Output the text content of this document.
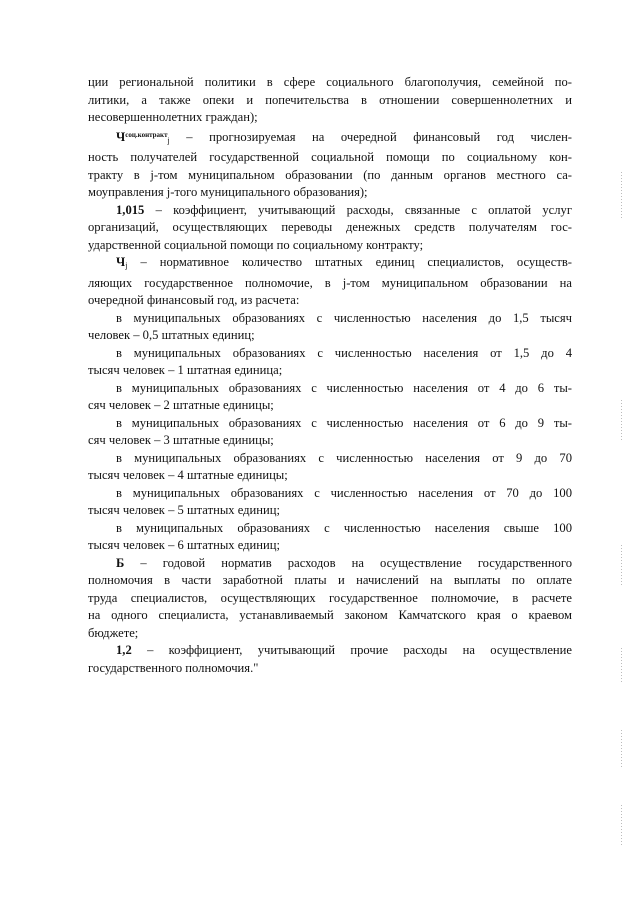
ции региональной политики в сфере социального благополучия, семейной по-
литики, а также опеки и попечительства в отношении совершеннолетних и
несовершеннолетних граждан);

$Ч^{соц.контракт}_j$ – прогнозируемая на очередной финансовый год числен-
ность получателей государственной социальной помощи по социальному кон-
тракту в j-том муниципальном образовании (по данным органов местного са-
моуправления j-того муниципального образования);

1,015 – коэффициент, учитывающий расходы, связанные с оплатой услуг
организаций, осуществляющих переводы денежных средств получателям гос-
ударственной социальной помощи по социальному контракту;

$Ч_j$ – нормативное количество штатных единиц специалистов, осуществ-
ляющих государственное полномочие, в j-том муниципальном образовании на
очередной финансовый год, из расчета:

в муниципальных образованиях с численностью населения до 1,5 тысяч
человек – 0,5 штатных единиц;

в муниципальных образованиях с численностью населения от 1,5 до 4
тысяч человек – 1 штатная единица;

в муниципальных образованиях с численностью населения от 4 до 6 ты-
сяч человек – 2 штатные единицы;

в муниципальных образованиях с численностью населения от 6 до 9 ты-
сяч человек – 3 штатные единицы;

в муниципальных образованиях с численностью населения от 9 до 70
тысяч человек – 4 штатные единицы;

в муниципальных образованиях с численностью населения от 70 до 100
тысяч человек – 5 штатных единиц;

в муниципальных образованиях с численностью населения свыше 100
тысяч человек – 6 штатных единиц;

Б – годовой норматив расходов на осуществление государственного
полномочия в части заработной платы и начислений на выплаты по оплате
труда специалистов, осуществляющих государственное полномочие, в расчете
на одного специалиста, устанавливаемый законом Камчатского края о краевом
бюджете;

1,2 – коэффициент, учитывающий прочие расходы на осуществление
государственного полномочия."
